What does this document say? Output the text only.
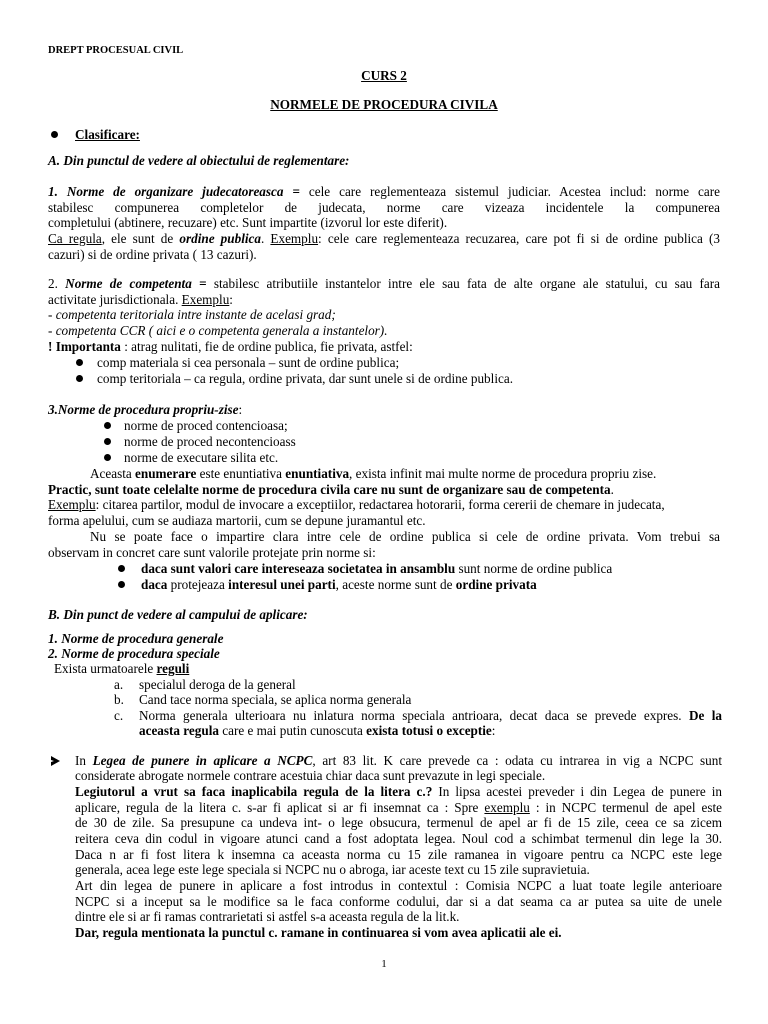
DREPT PROCESUAL CIVIL
CURS 2
NORMELE DE PROCEDURA CIVILA
Clasificare:
A. Din punctul de vedere al obiectului de reglementare:
1. Norme de organizare judecatoreasca = cele care reglementeaza sistemul judiciar. Acestea includ: norme care
stabilesc compunerea completelor de judecata, norme care vizeaza incidentele la compunerea
completului (abtinere, recuzare) etc. Sunt impartite (izvorul lor este diferit).
Ca regula, ele sunt de ordine publica. Exemplu: cele care reglementeaza recuzarea, care pot fi si de ordine publica (3
cazuri) si de ordine privata ( 13 cazuri).
2. Norme de competenta = stabilesc atributiile instantelor intre ele sau fata de alte organe ale statului, cu sau fara
activitate jurisdictionala. Exemplu:
- competenta teritoriala intre instante de acelasi grad;
- competenta CCR ( aici e o competenta generala a instantelor).
! Importanta : atrag nulitati, fie de ordine publica, fie privata, astfel:
comp materiala si cea personala – sunt de ordine publica;
comp teritoriala – ca regula, ordine privata, dar sunt unele si de ordine publica.
3.Norme de procedura propriu-zise:
norme de proced contencioasa;
norme de proced necontencioass
norme de executare silita etc.
Aceasta enumerare este enuntiativa enuntiativa, exista infinit mai multe norme de procedura propriu zise.
Practic, sunt toate celelalte norme de procedura civila care nu sunt de organizare sau de competenta.
Exemplu: citarea partilor, modul de invocare a exceptiilor, redactarea hotorarii, forma cererii de chemare in judecata,
forma apelului, cum se audiaza martorii, cum se depune juramantul etc.
Nu se poate face o impartire clara intre cele de ordine publica si cele de ordine privata. Vom trebui sa
observam in concret care sunt valorile protejate prin norme si:
daca sunt valori care intereseaza societatea in ansamblu sunt norme de ordine publica
daca protejeaza interesul unei parti, aceste norme sunt de ordine privata
B. Din punct de vedere al campului de aplicare:
1. Norme de procedura generale
2. Norme de procedura speciale
Exista urmatoarele reguli
a. specialul deroga de la general
b. Cand tace norma speciala, se aplica norma generala
c. Norma generala ulterioara nu inlatura norma speciala antrioara, decat daca se prevede expres. De la
aceasta regula care e mai putin cunoscuta exista totusi o exceptie:
In Legea de punere in aplicare a NCPC, art 83 lit. K care prevede ca : odata cu intrarea in vig a NCPC sunt
considerate abrogate normele contrare acestuia chiar daca sunt prevazute in legi speciale.
Legiutorul a vrut sa faca inaplicabila regula de la litera c.? In lipsa acestei preveder i din Legea de punere in
aplicare, regula de la litera c. s-ar fi aplicat si ar fi insemnat ca : Spre exemplu : in NCPC termenul de apel este
de 30 de zile. Sa presupune ca undeva int- o lege obsucura, termenul de apel ar fi de 15 zile, ceea ce sa zicem
reitera ceva din codul in vigoare atunci cand a fost adoptata legea. Noul cod a schimbat termenul din lege la 30.
Daca n ar fi fost litera k insemna ca aceasta norma cu 15 zile ramanea in vigoare pentru ca NCPC este lege
generala, acea lege este lege speciala si NCPC nu o abroga, iar aceste text cu 15 zile supravietuia.
Art din legea de punere in aplicare a fost introdus in contextul : Comisia NCPC a luat toate legile anterioare
NCPC si a inceput sa le modifice sa le faca conforme codului, dar si a dat seama ca ar putea sa uite de unele
dintre ele si ar fi ramas contrarietati si astfel s-a aceasta regula de la lit.k.
Dar, regula mentionata la punctul c. ramane in continuarea si vom avea aplicatii ale ei.
1
